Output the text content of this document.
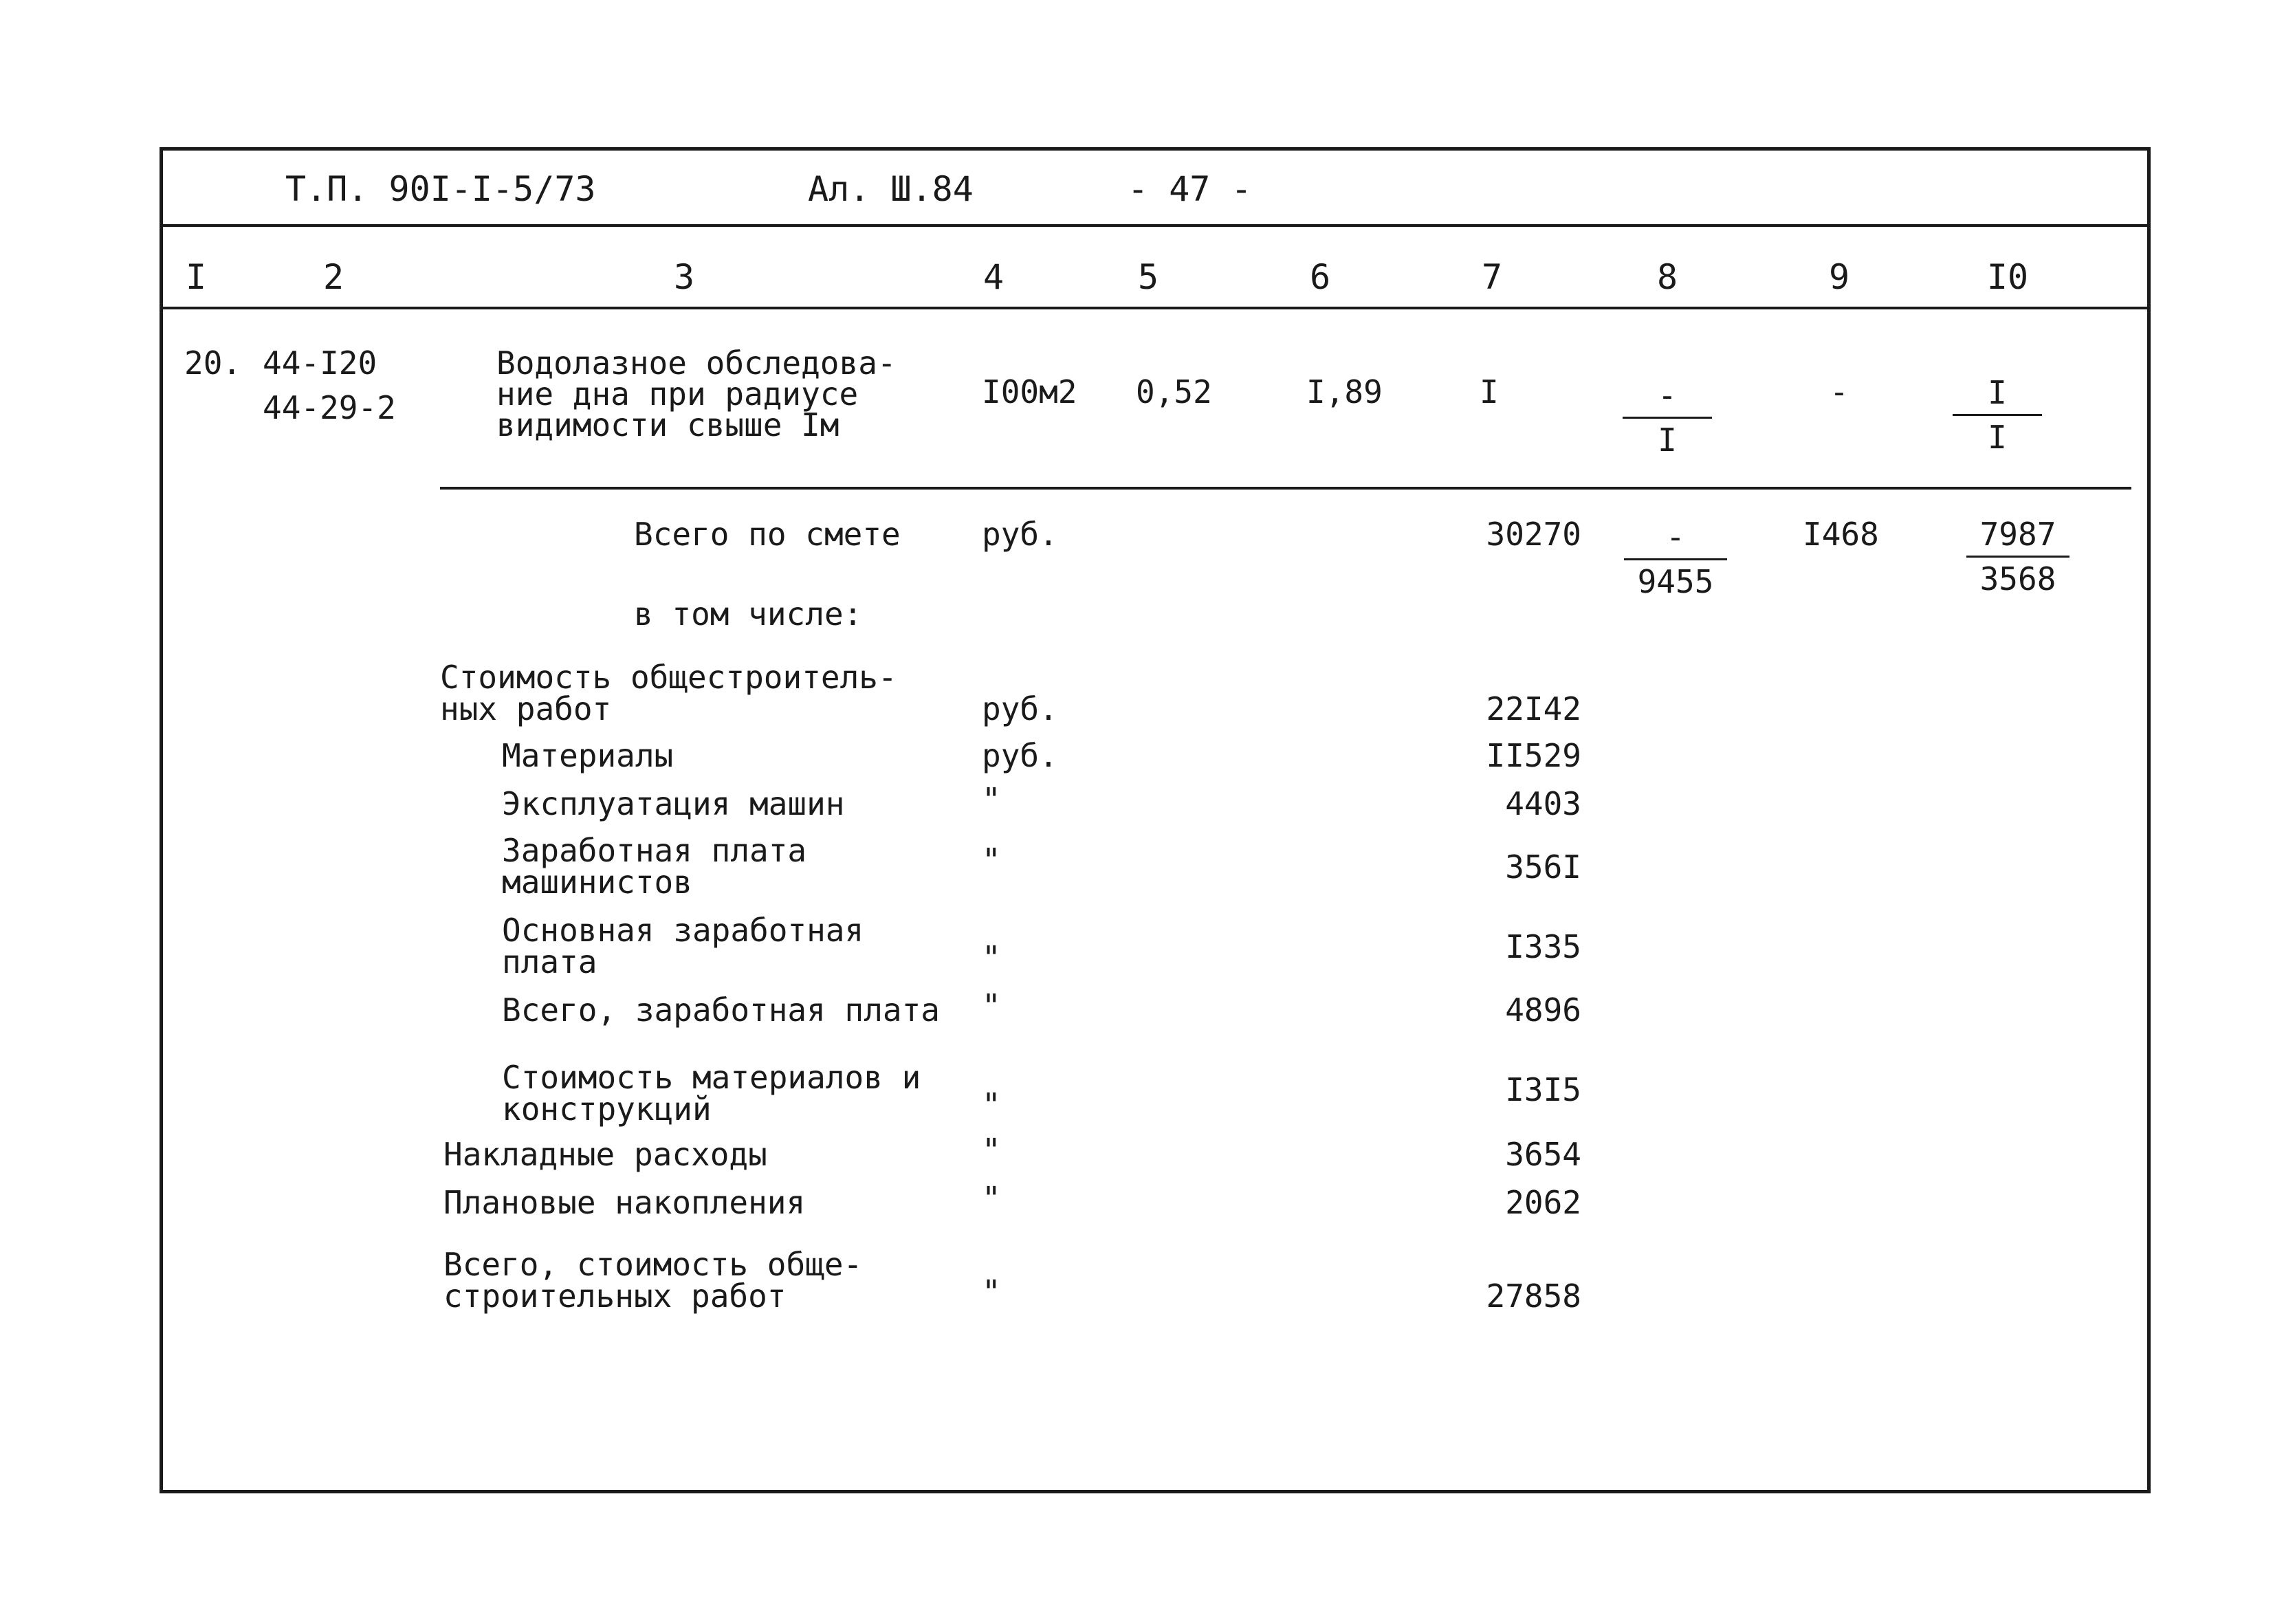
Т.П. 90I-I-5/73	Ал. Ш.84	- 47 -
I	2	3	4	5	6	7	8	9	I0
20. 44-I20
44-29-2
Водолазное обследова-
ние дна при радиусе
видимости свыше Iм
I00м2 0,52	I,89	I	-
I
-	I
I
Всего по смете	руб.	30270	-
9455
I468	7987
3568
в том числе:
Стоимость общестроитель-
ных работ	руб.	22I42
Материалы	руб.	II529
Эксплуатация машин	"	4403
Заработная плата
машинистов
"	356I
Основная заработная
плата	"	I335
Всего, заработная плата "	4896
Стоимость материалов и
конструкций	"	I3I5
Накладные расходы	"	3654
Плановые накопления	"	2062
Всего, стоимость обще-
строительных работ	"	27858
